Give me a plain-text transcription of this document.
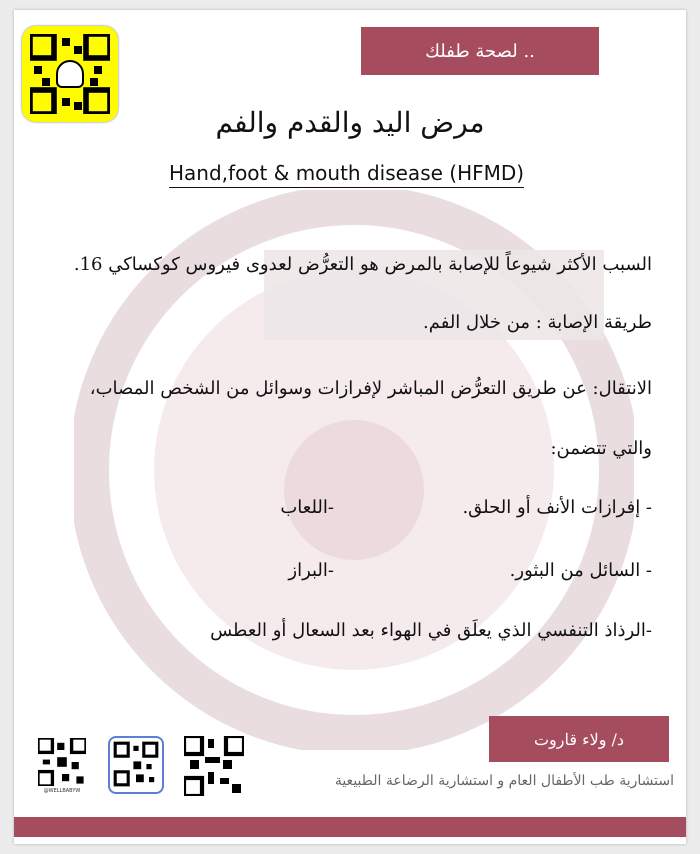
لصحة طفلك ..
مرض اليد والقدم والفم
Hand,foot & mouth disease (HFMD)
السبب الأكثر شيوعاً للإصابة بالمرض هو التعرُّض لعدوى فيروس كوكساكي 16.
طريقة الإصابة : من خلال الفم.
الانتقال: عن طريق التعرُّض المباشر لإفرازات وسوائل من الشخص المصاب،
والتي تتضمن:
- إفرازات الأنف أو الحلق.
-اللعاب
- السائل من البثور.
-البراز
-الرذاذ التنفسي الذي يعلَق في الهواء بعد السعال أو العطس
د/ ولاء قاروت
استشارية طب الأطفال العام و استشارية الرضاعة الطبيعية
@WELLBABYW
